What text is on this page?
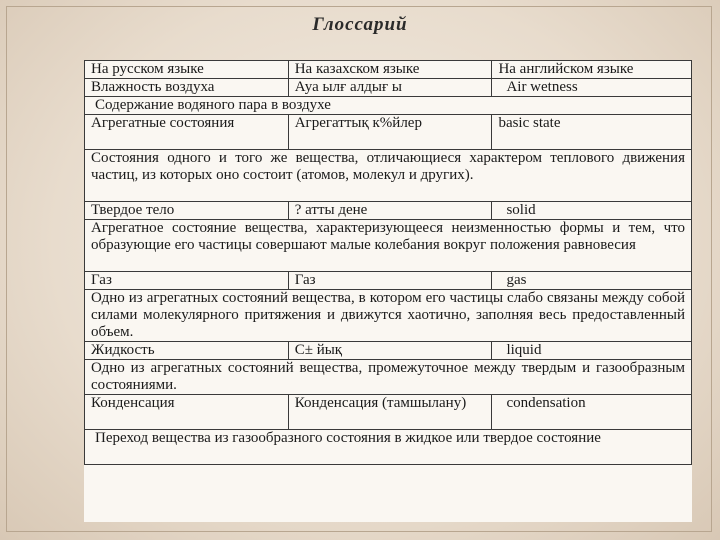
Глоссарий
На русском языке	На казахском языке	На английском языке
Влажность воздуха	Ауа ылғ алдығ ы	Air wetness
Содержание водяного пара в воздухе		
Агрегатные состояния	Агрегаттық к%йлер	basic state
Состояния одного и того же вещества, отличающиеся характером теплового движения частиц, из которых оно состоит (атомов, молекул и других).		
Твердое тело	? атты дене	solid
Агрегатное состояние вещества, характеризующееся неизменностью формы и тем, что образующие его частицы совершают малые колебания вокруг положения равновесия		
Газ	Газ	gas
Одно из агрегатных состояний вещества, в котором его частицы слабо связаны между собой силами молекулярного притяжения и движутся хаотично, заполняя весь предоставленный объем.		
Жидкость	С± йық	liquid
Одно из агрегатных состояний вещества, промежуточное между твердым и газообразным состояниями.		
Конденсация	Конденсация (тамшылану)	condensation
Переход вещества из газообразного состояния в жидкое или твердое состояние		
